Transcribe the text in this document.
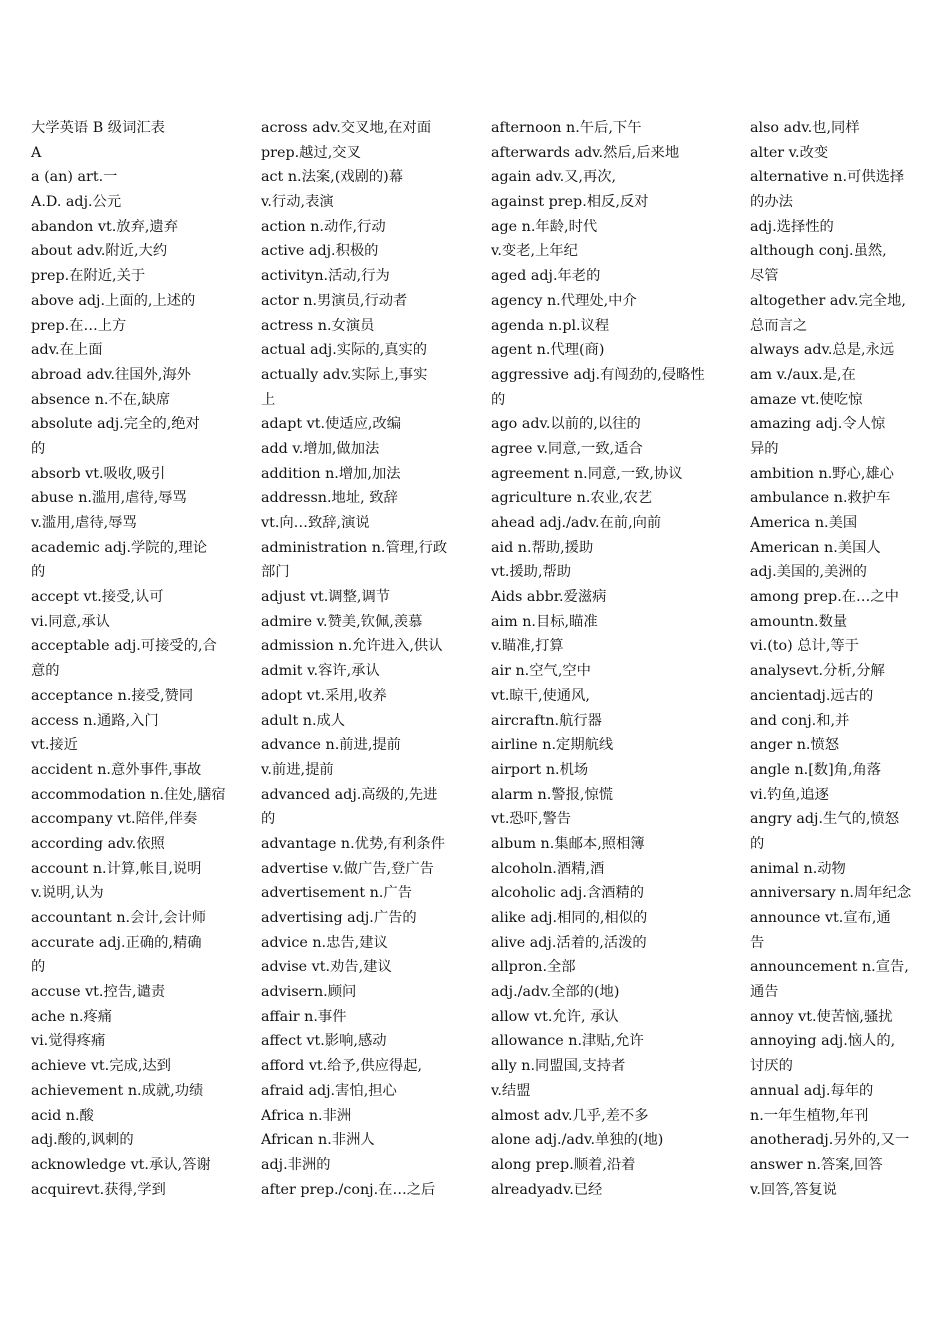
大学英语 B 级词汇表
A
a (an) art.一
A.D. adj.公元
abandon vt.放弃,遗弃
about adv.附近,大约
prep.在附近,关于
above adj.上面的,上述的
prep.在…上方
adv.在上面
abroad adv.往国外,海外
absence n.不在,缺席
absolute adj.完全的,绝对
的
absorb vt.吸收,吸引
abuse n.滥用,虐待,辱骂
v.滥用,虐待,辱骂
academic adj.学院的,理论
的
accept vt.接受,认可
vi.同意,承认
acceptable adj.可接受的,合
意的
acceptance n.接受,赞同
access n.通路,入门
vt.接近
accident n.意外事件,事故
accommodation n.住处,膳宿
accompany vt.陪伴,伴奏
according adv.依照
account n.计算,帐目,说明
v.说明,认为
accountant n.会计,会计师
accurate adj.正确的,精确
的
accuse vt.控告,谴责
ache n.疼痛
vi.觉得疼痛
achieve vt.完成,达到
achievement n.成就,功绩
acid n.酸
adj.酸的,讽刺的
acknowledge vt.承认,答谢
acquirevt.获得,学到
across adv.交叉地,在对面
prep.越过,交叉
act n.法案,(戏剧的)幕
v.行动,表演
action n.动作,行动
active adj.积极的
activityn.活动,行为
actor n.男演员,行动者
actress n.女演员
actual adj.实际的,真实的
actually adv.实际上,事实
上
adapt vt.使适应,改编
add v.增加,做加法
addition n.增加,加法
addressn.地址, 致辞
vt.向…致辞,演说
administration n.管理,行政
部门
adjust vt.调整,调节
admire v.赞美,钦佩,羡慕
admission n.允许进入,供认
admit v.容许,承认
adopt vt.采用,收养
adult n.成人
advance n.前进,提前
v.前进,提前
advanced adj.高级的,先进
的
advantage n.优势,有利条件
advertise v.做广告,登广告
advertisement n.广告
advertising adj.广告的
advice n.忠告,建议
advise vt.劝告,建议
advisern.顾问
affair n.事件
affect vt.影响,感动
afford vt.给予,供应得起,
afraid adj.害怕,担心
Africa n.非洲
African n.非洲人
adj.非洲的
after prep./conj.在…之后
afternoon n.午后,下午
afterwards adv.然后,后来地
again adv.又,再次,
against prep.相反,反对
age n.年龄,时代
v.变老,上年纪
aged adj.年老的
agency n.代理处,中介
agenda n.pl.议程
agent n.代理(商)
aggressive adj.有闯劲的,侵略性
的
ago adv.以前的,以往的
agree v.同意,一致,适合
agreement n.同意,一致,协议
agriculture n.农业,农艺
ahead adj./adv.在前,向前
aid n.帮助,援助
vt.援助,帮助
Aids abbr.爱滋病
aim n.目标,瞄准
v.瞄准,打算
air n.空气,空中
vt.晾干,使通风,
aircraftn.航行器
airline n.定期航线
airport n.机场
alarm n.警报,惊慌
vt.恐吓,警告
album n.集邮本,照相簿
alcoholn.酒精,酒
alcoholic adj.含酒精的
alike adj.相同的,相似的
alive adj.活着的,活泼的
allpron.全部
adj./adv.全部的(地)
allow vt.允许, 承认
allowance n.津贴,允许
ally n.同盟国,支持者
v.结盟
almost adv.几乎,差不多
alone adj./adv.单独的(地)
along prep.顺着,沿着
alreadyadv.已经
also adv.也,同样
alter v.改变
alternative n.可供选择
的办法
adj.选择性的
although conj.虽然,
尽管
altogether adv.完全地,
总而言之
always adv.总是,永远
am v./aux.是,在
amaze vt.使吃惊
amazing adj.令人惊
异的
ambition n.野心,雄心
ambulance n.救护车
America n.美国
American n.美国人
adj.美国的,美洲的
among prep.在…之中
amountn.数量
vi.(to) 总计,等于
analysevt.分析,分解
ancientadj.远古的
and conj.和,并
anger n.愤怒
angle n.[数]角,角落
vi.钓鱼,追逐
angry adj.生气的,愤怒
的
animal n.动物
anniversary n.周年纪念
announce vt.宣布,通
告
announcement n.宣告,
通告
annoy vt.使苦恼,骚扰
annoying adj.恼人的,
讨厌的
annual adj.每年的
n.一年生植物,年刊
anotheradj.另外的,又一
answer n.答案,回答
v.回答,答复说
